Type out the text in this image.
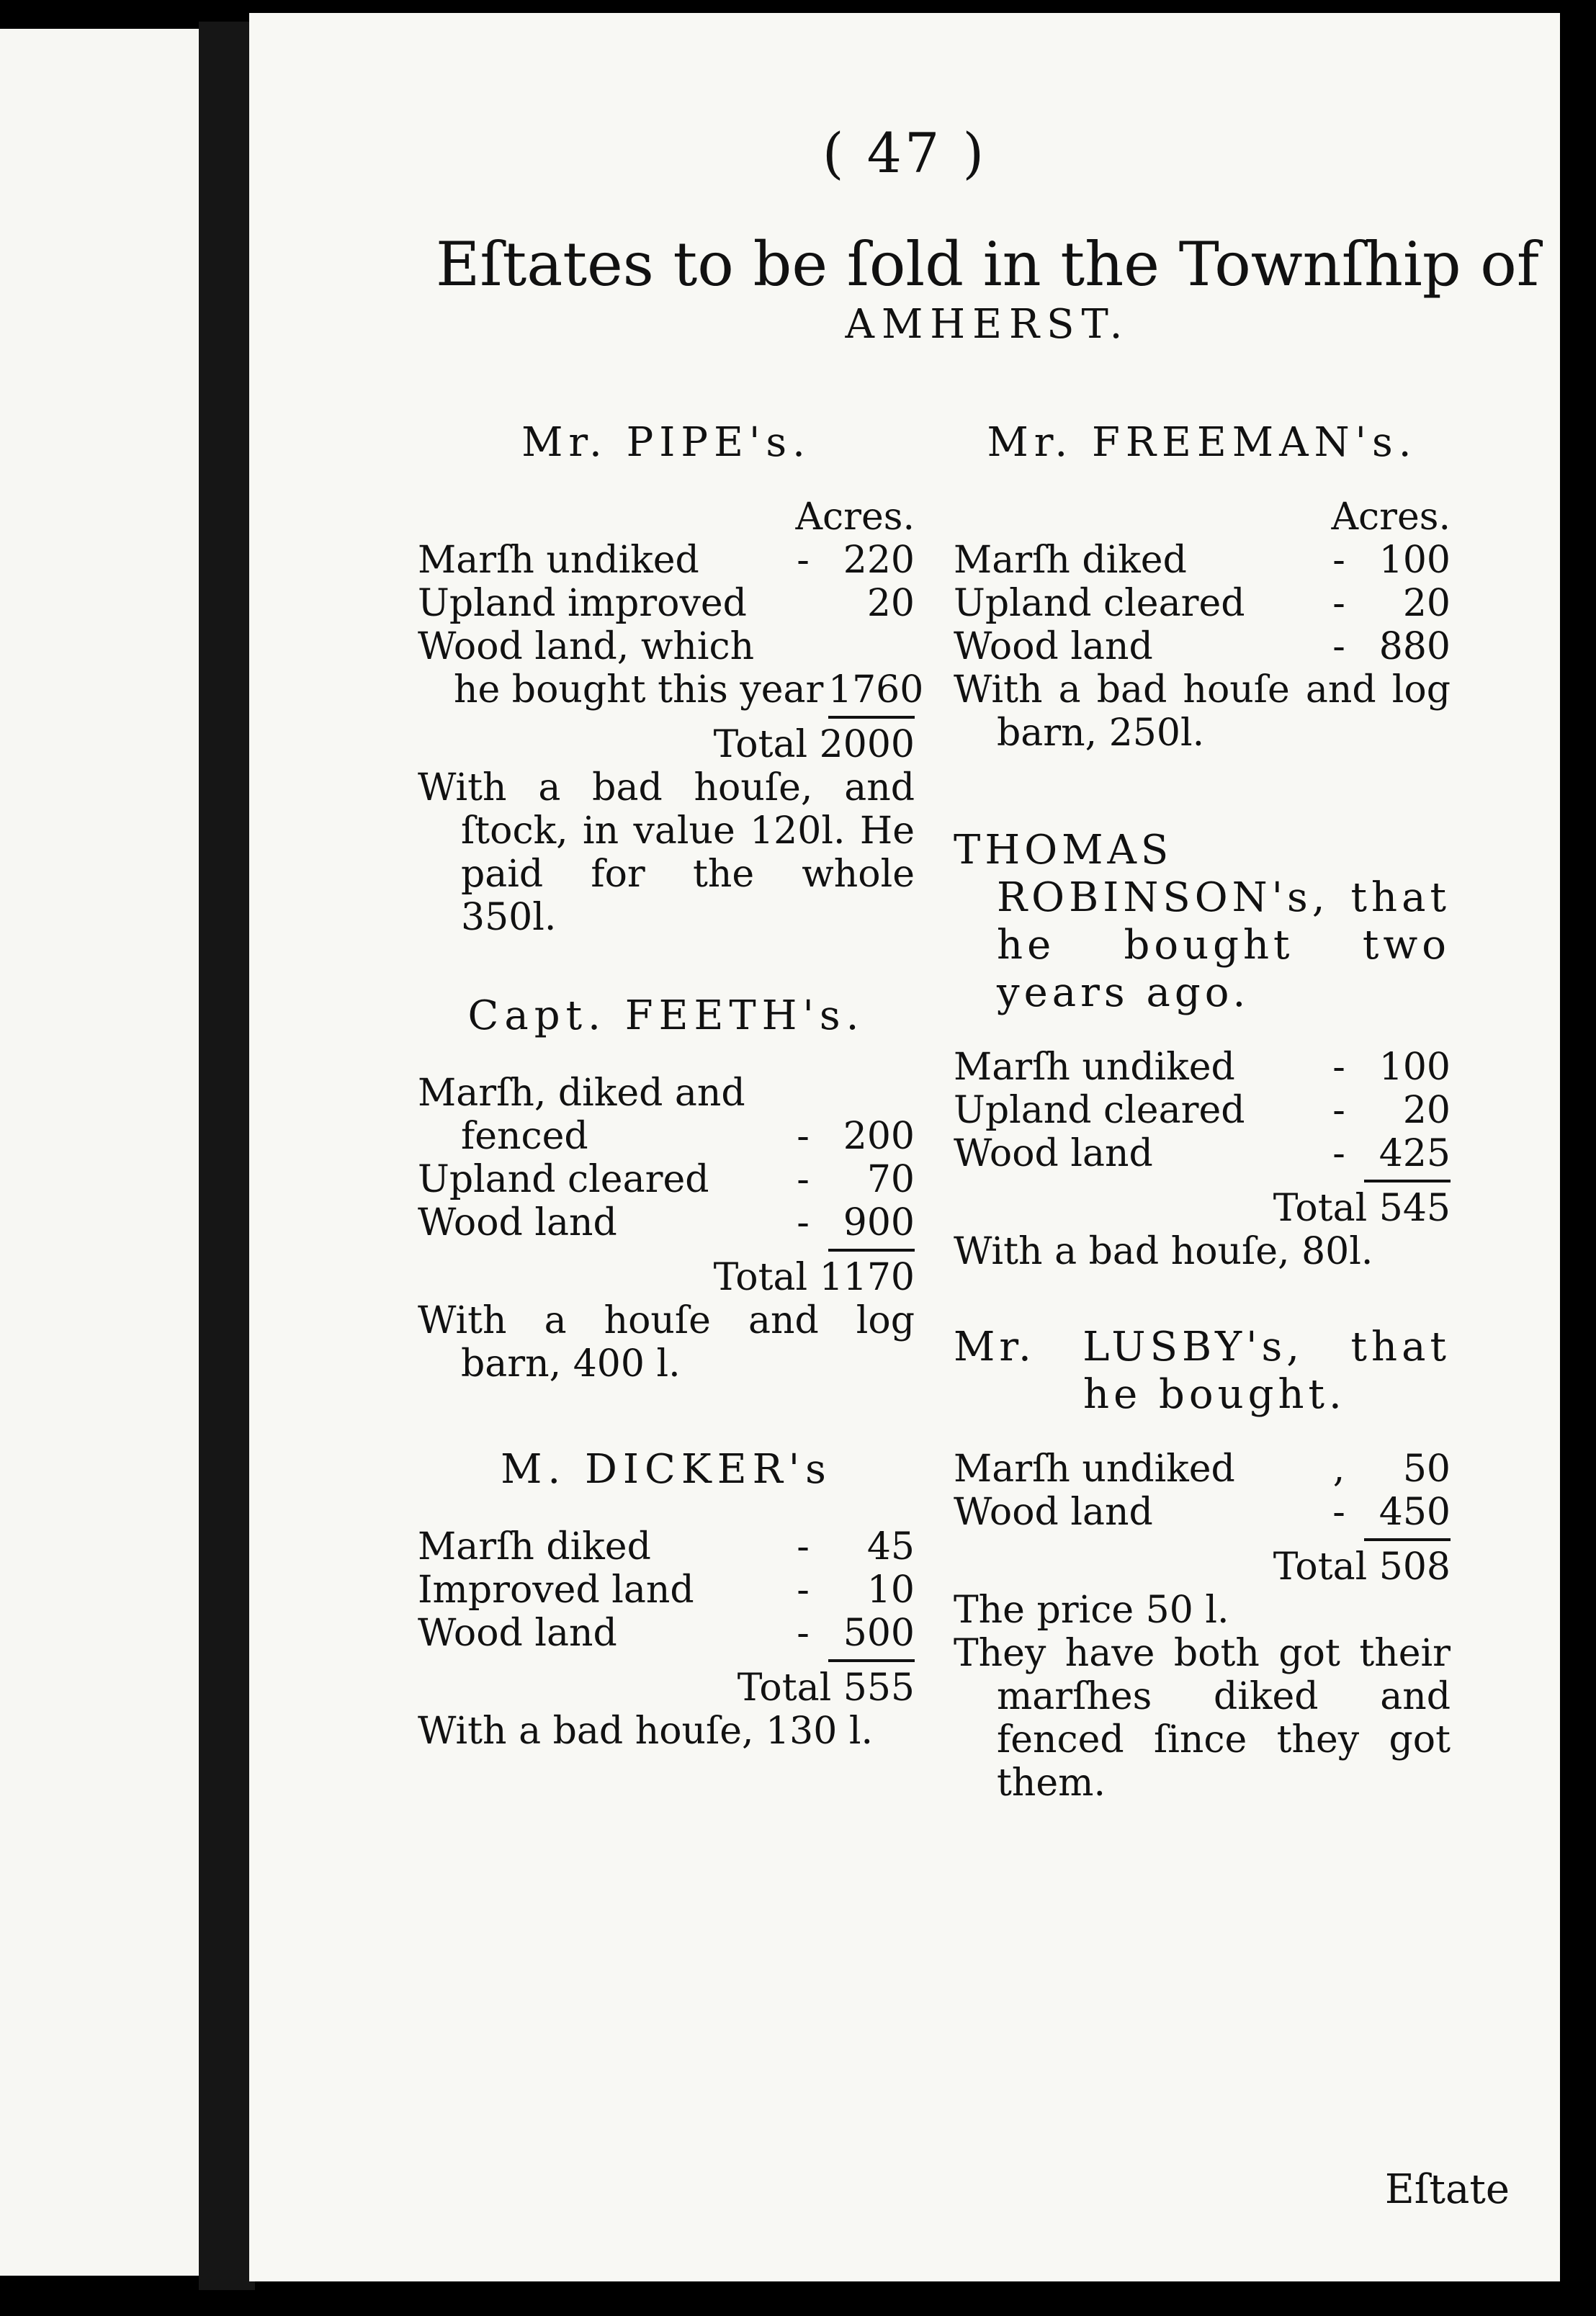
( 47 )
Eſtates to be ſold in the Townſhip of
AMHERST.

Mr. PIPE's.

Acres.
Marſh undiked	- 220
Upland improved	20
Wood land, which
he bought this year 1760
Total 2000

With a bad houſe, and ſtock, in value 120l. He paid for the whole 350l.

Capt. FEETH's.

Marſh, diked and
fenced	- 200
Upland cleared	-	70
Wood land	- 900
Total 1170

With a houſe and log barn, 400 l.

M. DICKER's

Marſh diked	-	45
Improved land	-	10
Wood land	- 500
Total 555

With a bad houſe, 130 l.

Mr. FREEMAN's.

Acres.
Marſh diked	- 100
Upland cleared	-	20
Wood land	- 880

With a bad houſe and log barn, 250l.

THOMAS ROBINSON's, that he bought two years ago.

Marſh undiked	- 100
Upland cleared	-	20
Wood land	- 425
Total 545

With a bad houſe, 80l.

Mr. LUSBY's, that he bought.

Marſh undiked	,	50
Wood land	- 450
Total 508

The price 50 l.

They have both got their marſhes diked and fenced ſince they got them.

Eſtate
